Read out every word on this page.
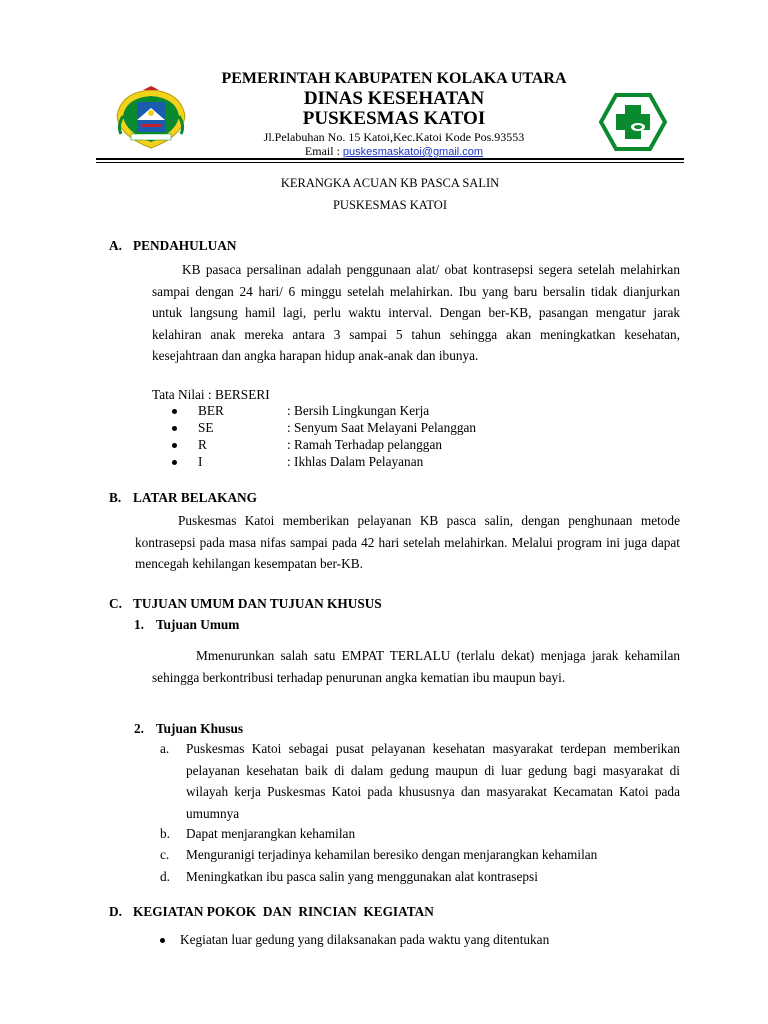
PEMERINTAH KABUPATEN KOLAKA UTARA
DINAS KESEHATAN
PUSKESMAS KATOI
Jl.Pelabuhan No. 15 Katoi,Kec.Katoi Kode Pos.93553
Email : puskesmaskatoi@gmail.com
KERANGKA ACUAN KB PASCA SALIN
PUSKESMAS KATOI
A. PENDAHULUAN

KB pasaca persalinan adalah penggunaan alat/ obat kontrasepsi segera setelah melahirkan sampai dengan 24 hari/ 6 minggu setelah melahirkan. Ibu yang baru bersalin tidak dianjurkan untuk langsung hamil lagi, perlu waktu interval. Dengan ber-KB, pasangan mengatur jarak kelahiran anak mereka antara 3 sampai 5 tahun sehingga akan meningkatkan kesehatan, kesejahtraan dan angka harapan hidup anak-anak dan ibunya.

Tata Nilai : BERSERI
BER	: Bersih Lingkungan Kerja
SE	: Senyum Saat Melayani Pelanggan
R	: Ramah Terhadap pelanggan
I	: Ikhlas Dalam Pelayanan
B. LATAR BELAKANG

Puskesmas Katoi memberikan pelayanan KB pasca salin, dengan penghunaan metode kontrasepsi pada masa nifas sampai pada 42 hari setelah melahirkan. Melalui program ini juga dapat mencegah kehilangan kesempatan ber-KB.

C. TUJUAN UMUM DAN TUJUAN KHUSUS
1. Tujuan Umum

Mmenurunkan salah satu EMPAT TERLALU (terlalu dekat) menjaga jarak kehamilan sehingga berkontribusi terhadap penurunan angka kematian ibu maupun bayi.

2. Tujuan Khusus
a. Puskesmas Katoi sebagai pusat pelayanan kesehatan masyarakat terdepan memberikan pelayanan kesehatan baik di dalam gedung maupun di luar gedung bagi masyarakat di wilayah kerja Puskesmas Katoi pada khususnya dan masyarakat Kecamatan Katoi pada umumnya
b. Dapat menjarangkan kehamilan
c. Menguranigi terjadinya kehamilan beresiko dengan menjarangkan kehamilan
d. Meningkatkan ibu pasca salin yang menggunakan alat kontrasepsi
D. KEGIATAN POKOK  DAN  RINCIAN  KEGIATAN
Kegiatan luar gedung yang dilaksanakan pada waktu yang ditentukan
